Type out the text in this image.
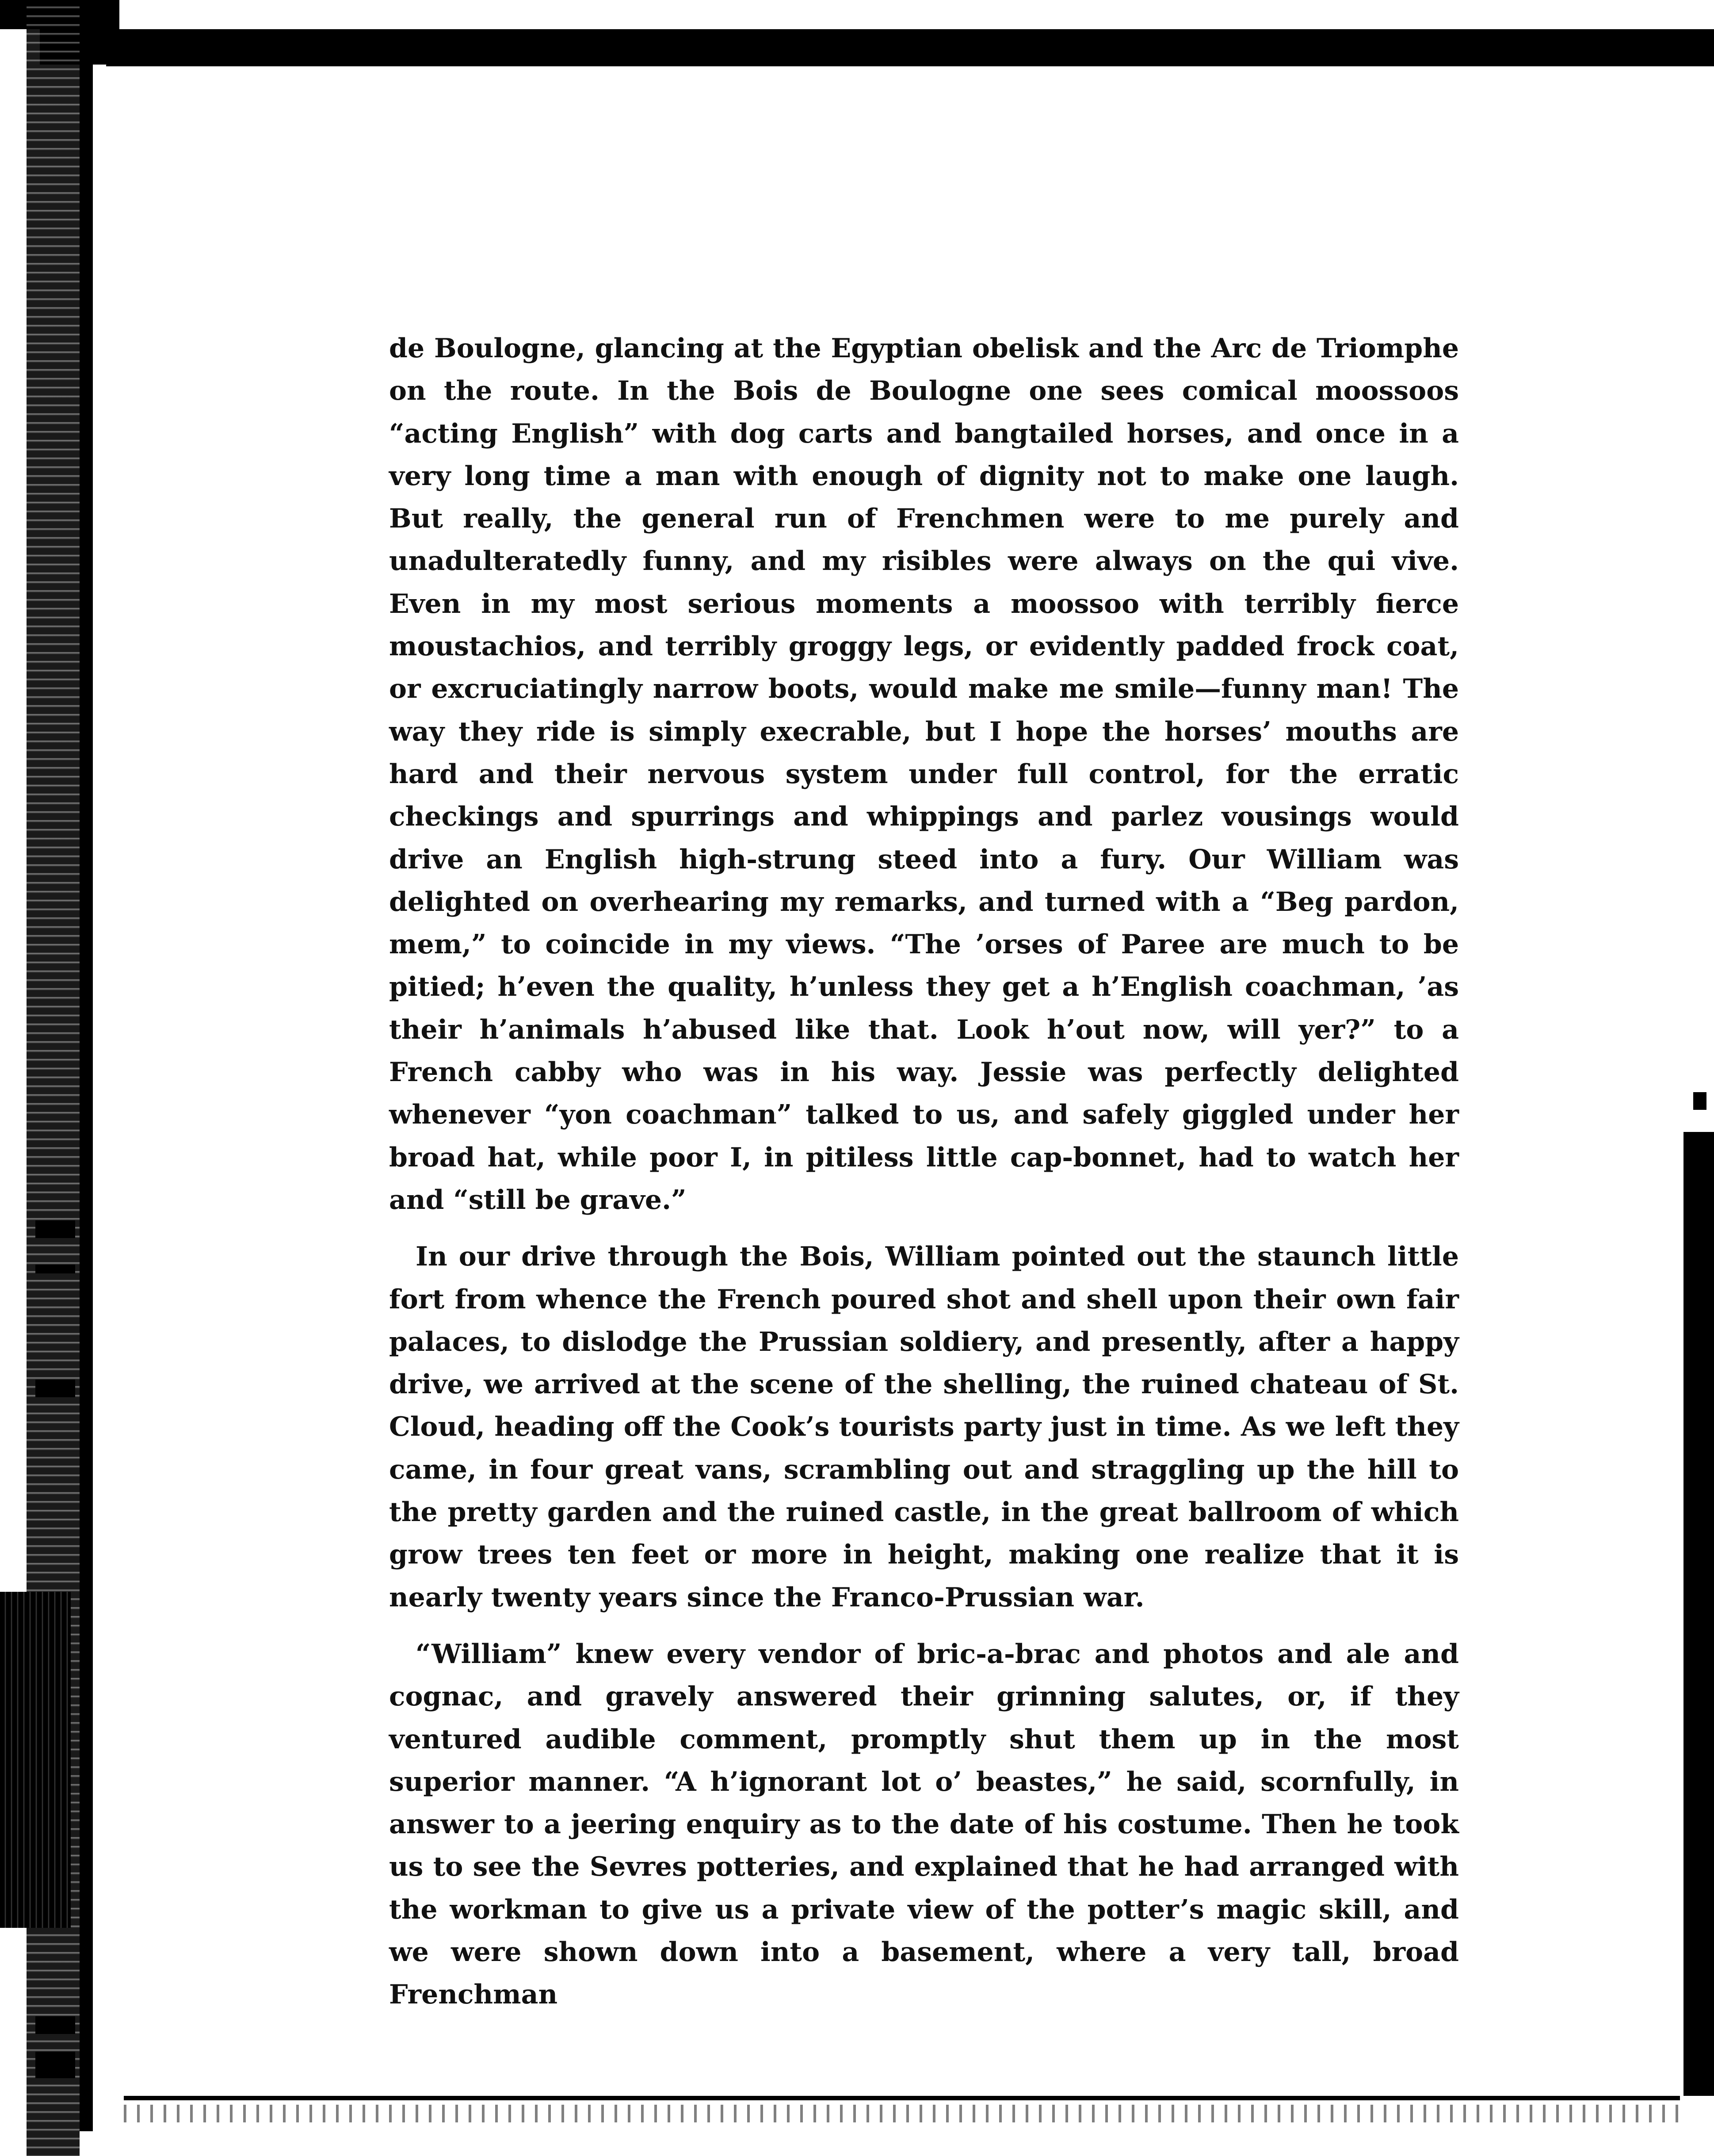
de Boulogne, glancing at the Egyptian obelisk and the Arc de Triomphe on the route. In the Bois de Boulogne one sees comical moossoos “acting English” with dog carts and bangtailed horses, and once in a very long time a man with enough of dignity not to make one laugh. But really, the general run of Frenchmen were to me purely and unadulteratedly funny, and my risibles were always on the qui vive. Even in my most serious moments a moossoo with terribly fierce moustachios, and terribly groggy legs, or evidently padded frock coat, or excruciatingly narrow boots, would make me smile—funny man! The way they ride is simply execrable, but I hope the horses’ mouths are hard and their nervous system under full control, for the erratic checkings and spurrings and whippings and parlez vousings would drive an English high-strung steed into a fury. Our William was delighted on overhearing my remarks, and turned with a “Beg pardon, mem,” to coincide in my views. “The ’orses of Paree are much to be pitied; h’even the quality, h’unless they get a h’English coachman, ’as their h’animals h’abused like that. Look h’out now, will yer?” to a French cabby who was in his way. Jessie was perfectly delighted whenever “yon coachman” talked to us, and safely giggled under her broad hat, while poor I, in pitiless little cap-bonnet, had to watch her and “still be grave.”

In our drive through the Bois, William pointed out the staunch little fort from whence the French poured shot and shell upon their own fair palaces, to dislodge the Prussian soldiery, and presently, after a happy drive, we arrived at the scene of the shelling, the ruined chateau of St. Cloud, heading off the Cook’s tourists party just in time. As we left they came, in four great vans, scrambling out and straggling up the hill to the pretty garden and the ruined castle, in the great ballroom of which grow trees ten feet or more in height, making one realize that it is nearly twenty years since the Franco-Prussian war.

“William” knew every vendor of bric-a-brac and photos and ale and cognac, and gravely answered their grinning salutes, or, if they ventured audible comment, promptly shut them up in the most superior manner. “A h’ignorant lot o’ beastes,” he said, scornfully, in answer to a jeering enquiry as to the date of his costume. Then he took us to see the Sevres potteries, and explained that he had arranged with the workman to give us a private view of the potter’s magic skill, and we were shown down into a basement, where a very tall, broad Frenchman
